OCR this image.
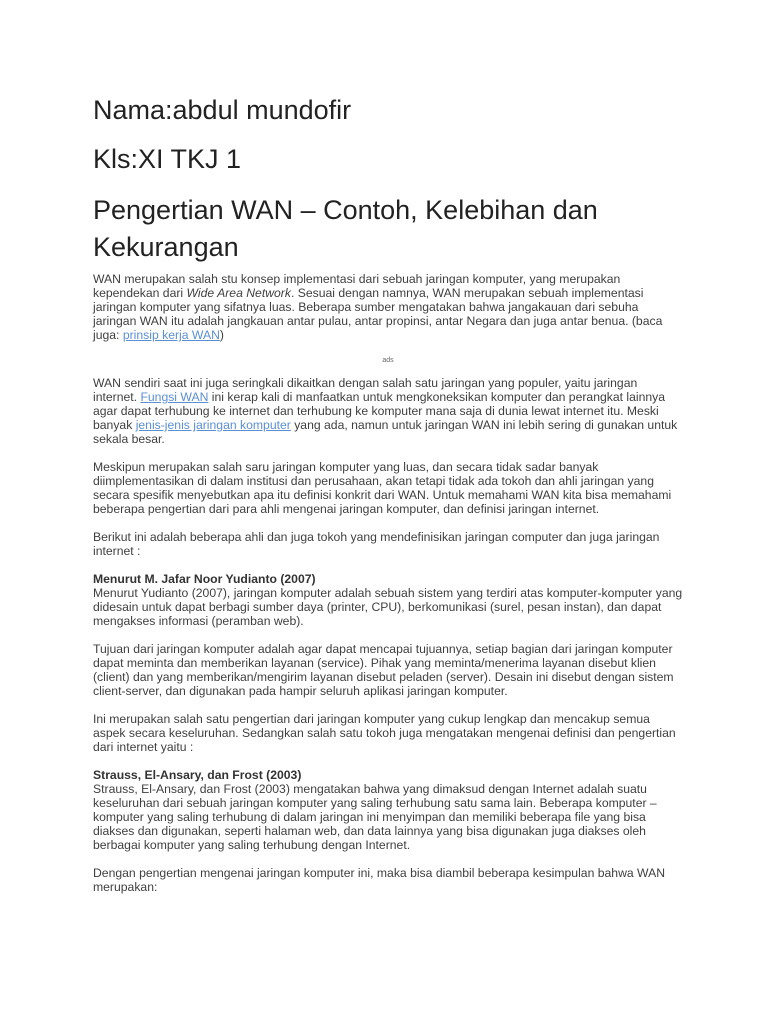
Nama:abdul mundofir
Kls:XI TKJ 1
Pengertian WAN – Contoh, Kelebihan dan Kekurangan

WAN merupakan salah stu konsep implementasi dari sebuah jaringan komputer, yang merupakan kependekan dari Wide Area Network. Sesuai dengan namnya, WAN merupakan sebuah implementasi jaringan komputer yang sifatnya luas. Beberapa sumber mengatakan bahwa jangakauan dari sebuha jaringan WAN itu adalah jangkauan antar pulau, antar propinsi, antar Negara dan juga antar benua. (baca juga: prinsip kerja WAN)

ads

WAN sendiri saat ini juga seringkali dikaitkan dengan salah satu jaringan yang populer, yaitu jaringan internet. Fungsi WAN ini kerap kali di manfaatkan untuk mengkoneksikan komputer dan perangkat lainnya agar dapat terhubung ke internet dan terhubung ke komputer mana saja di dunia lewat internet itu. Meski banyak jenis-jenis jaringan komputer yang ada, namun untuk jaringan WAN ini lebih sering di gunakan untuk sekala besar.

Meskipun merupakan salah saru jaringan komputer yang luas, dan secara tidak sadar banyak diimplementasikan di dalam institusi dan perusahaan, akan tetapi tidak ada tokoh dan ahli jaringan yang secara spesifik menyebutkan apa itu definisi konkrit dari WAN. Untuk memahami WAN kita bisa memahami beberapa pengertian dari para ahli mengenai jaringan komputer, dan definisi jaringan internet.

Berikut ini adalah beberapa ahli dan juga tokoh yang mendefinisikan jaringan computer dan juga jaringan internet :

Menurut M. Jafar Noor Yudianto (2007)
Menurut Yudianto (2007), jaringan komputer adalah sebuah sistem yang terdiri atas komputer-komputer yang didesain untuk dapat berbagi sumber daya (printer, CPU), berkomunikasi (surel, pesan instan), dan dapat mengakses informasi (peramban web).

Tujuan dari jaringan komputer adalah agar dapat mencapai tujuannya, setiap bagian dari jaringan komputer dapat meminta dan memberikan layanan (service). Pihak yang meminta/menerima layanan disebut klien (client) dan yang memberikan/mengirim layanan disebut peladen (server). Desain ini disebut dengan sistem client-server, dan digunakan pada hampir seluruh aplikasi jaringan komputer.

Ini merupakan salah satu pengertian dari jaringan komputer yang cukup lengkap dan mencakup semua aspek secara keseluruhan. Sedangkan salah satu tokoh juga mengatakan mengenai definisi dan pengertian dari internet yaitu :

Strauss, El-Ansary, dan Frost (2003)
Strauss, El-Ansary, dan Frost (2003) mengatakan bahwa yang dimaksud dengan Internet adalah suatu keseluruhan dari sebuah jaringan komputer yang saling terhubung satu sama lain. Beberapa komputer – komputer yang saling terhubung di dalam jaringan ini menyimpan dan memiliki beberapa file yang bisa diakses dan digunakan, seperti halaman web, dan data lainnya yang bisa digunakan juga diakses oleh berbagai komputer yang saling terhubung dengan Internet.

Dengan pengertian mengenai jaringan komputer ini, maka bisa diambil beberapa kesimpulan bahwa WAN merupakan:
